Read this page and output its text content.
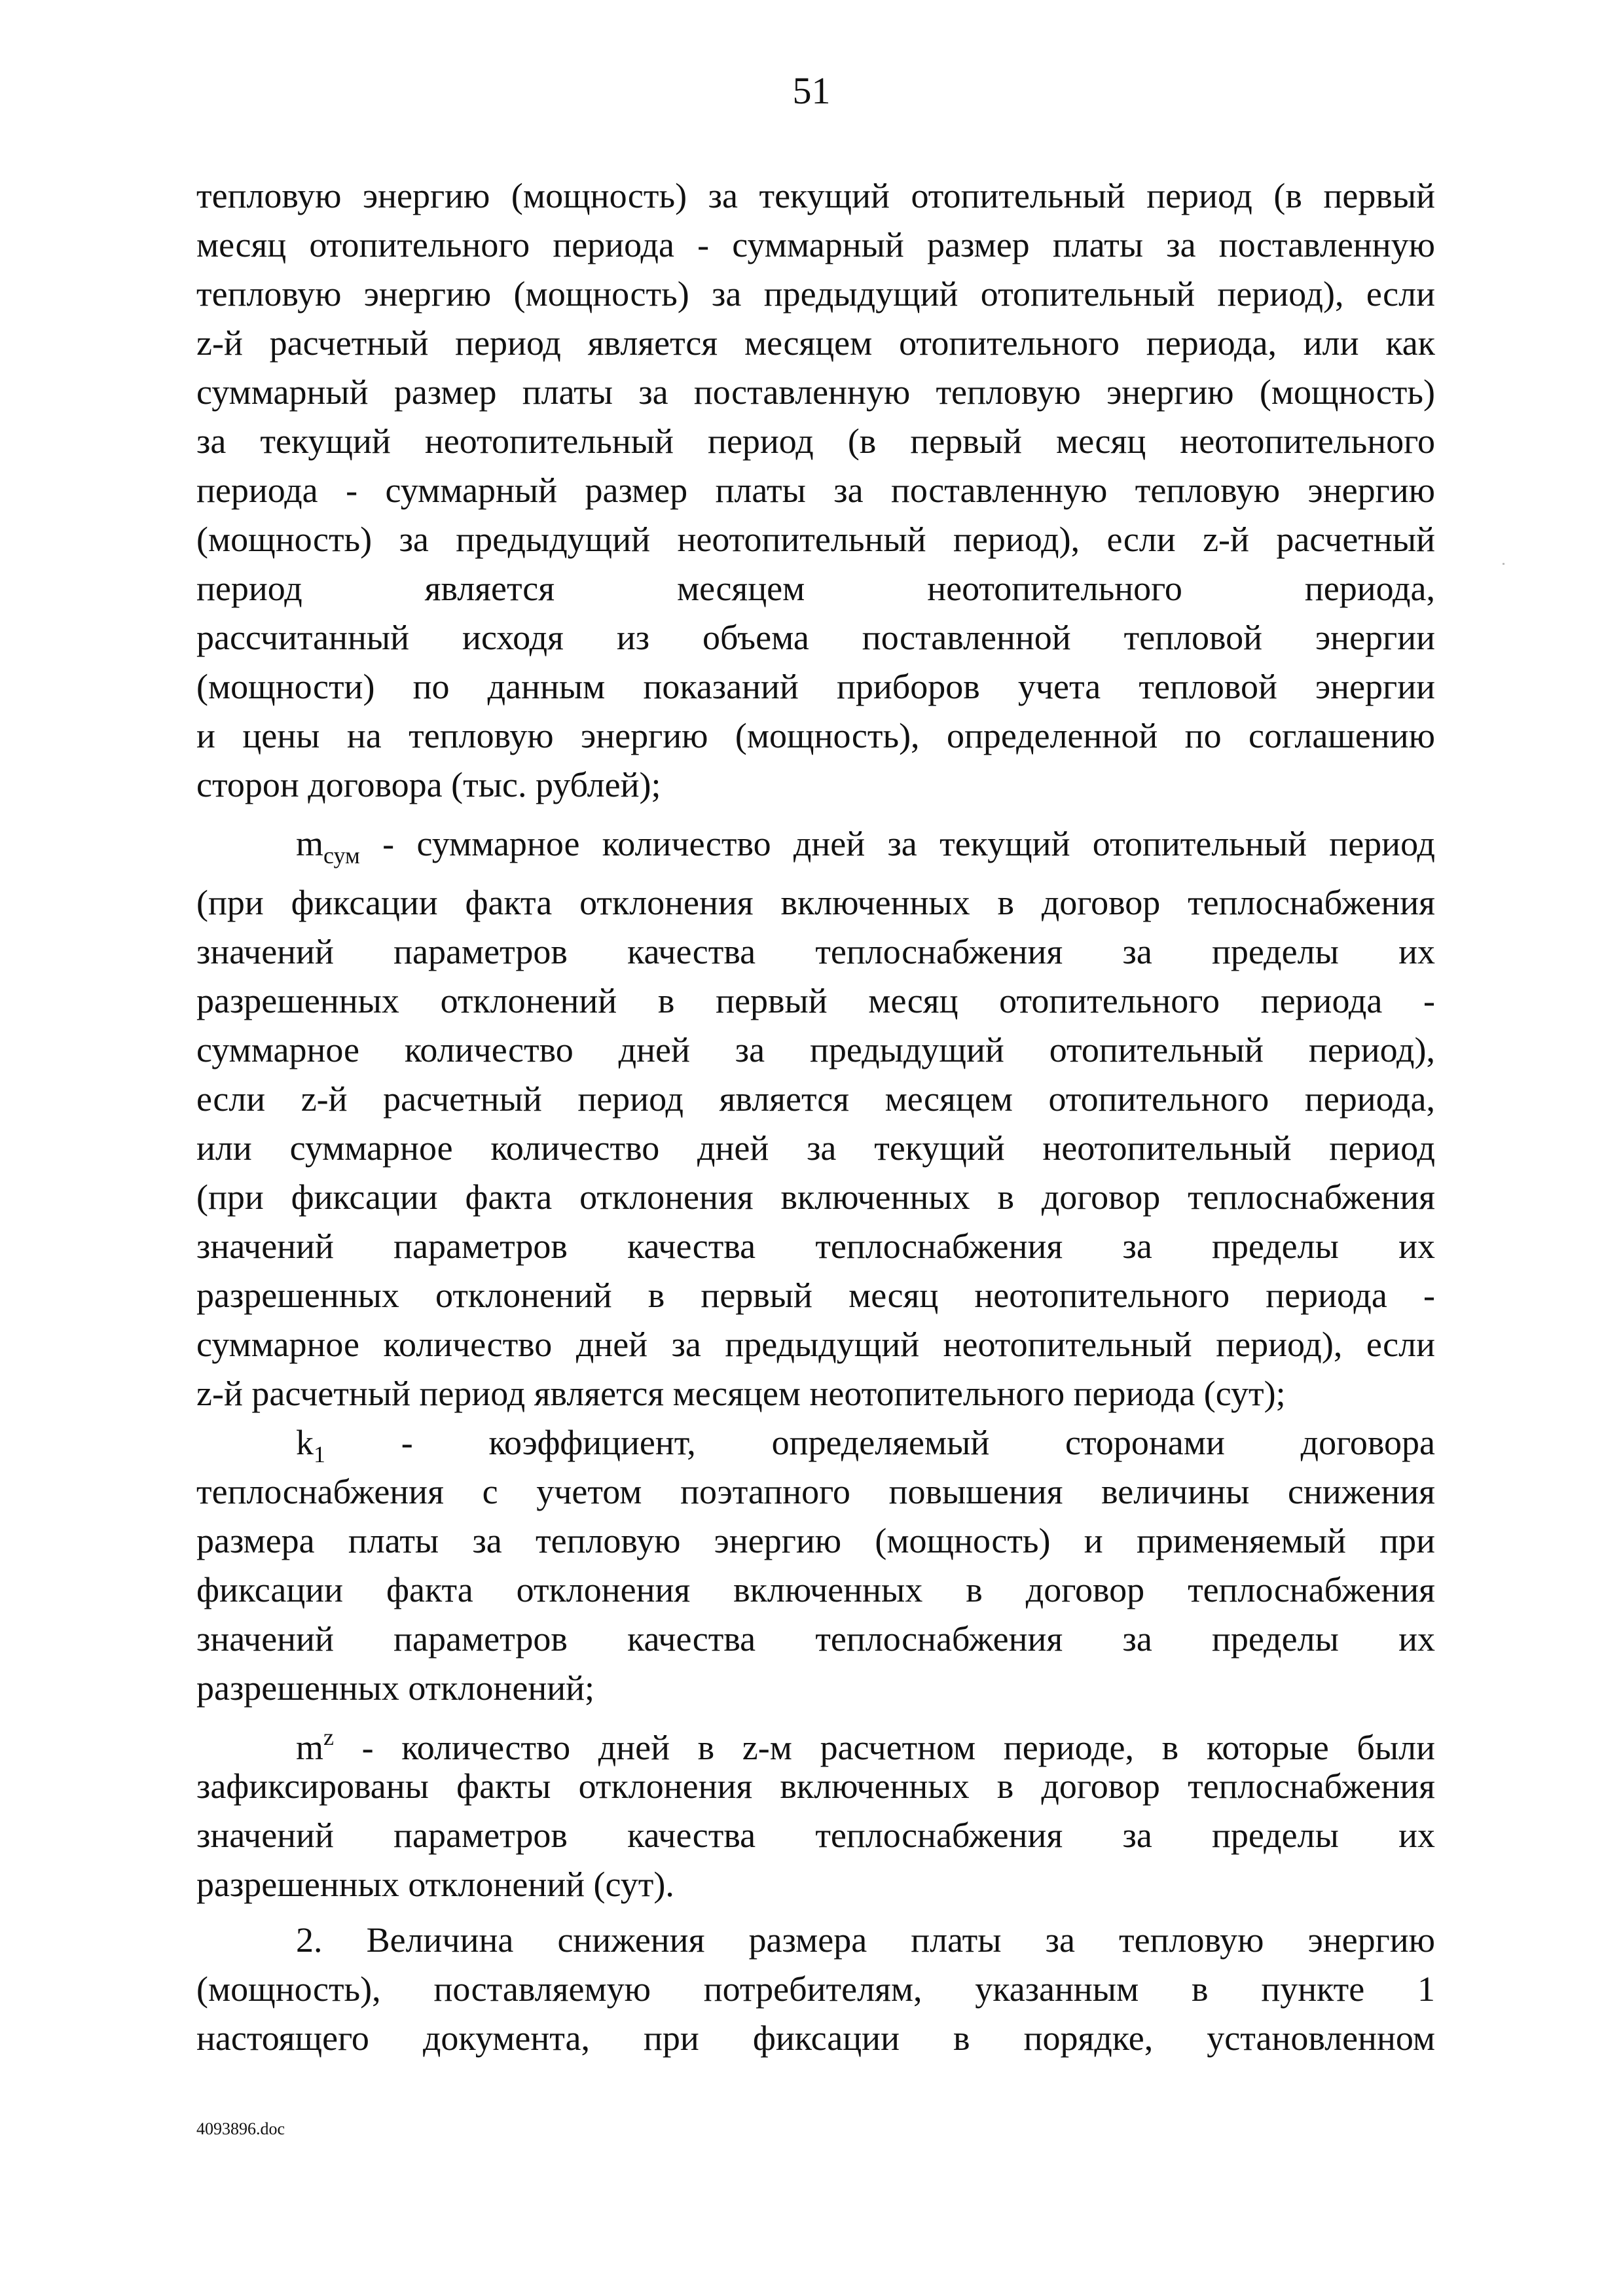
51
тепловую энергию (мощность) за текущий отопительный период (в первый
месяц отопительного периода - суммарный размер платы за поставленную
тепловую энергию (мощность) за предыдущий отопительный период), если
z-й расчетный период является месяцем отопительного периода, или как
суммарный размер платы за поставленную тепловую энергию (мощность)
за текущий неотопительный период (в первый месяц неотопительного
периода - суммарный размер платы за поставленную тепловую энергию
(мощность) за предыдущий неотопительный период), если z-й расчетный
период является месяцем неотопительного периода,
рассчитанный исходя из объема поставленной тепловой энергии
(мощности) по данным показаний приборов учета тепловой энергии
и цены на тепловую энергию (мощность), определенной по соглашению
сторон договора (тыс. рублей);
$m_{сум}$ - суммарное количество дней за текущий отопительный период
(при фиксации факта отклонения включенных в договор теплоснабжения
значений параметров качества теплоснабжения за пределы их
разрешенных отклонений в первый месяц отопительного периода -
суммарное количество дней за предыдущий отопительный период),
если z-й расчетный период является месяцем отопительного периода,
или суммарное количество дней за текущий неотопительный период
(при фиксации факта отклонения включенных в договор теплоснабжения
значений параметров качества теплоснабжения за пределы их
разрешенных отклонений в первый месяц неотопительного периода -
суммарное количество дней за предыдущий неотопительный период), если
z-й расчетный период является месяцем неотопительного периода (сут);
$k_1$ - коэффициент, определяемый сторонами договора
теплоснабжения с учетом поэтапного повышения величины снижения
размера платы за тепловую энергию (мощность) и применяемый при
фиксации факта отклонения включенных в договор теплоснабжения
значений параметров качества теплоснабжения за пределы их
разрешенных отклонений;
$m^z$ - количество дней в z-м расчетном периоде, в которые были
зафиксированы факты отклонения включенных в договор теплоснабжения
значений параметров качества теплоснабжения за пределы их
разрешенных отклонений (сут).
2. Величина снижения размера платы за тепловую энергию
(мощность), поставляемую потребителям, указанным в пункте 1
настоящего документа, при фиксации в порядке, установленном
4093896.doc
